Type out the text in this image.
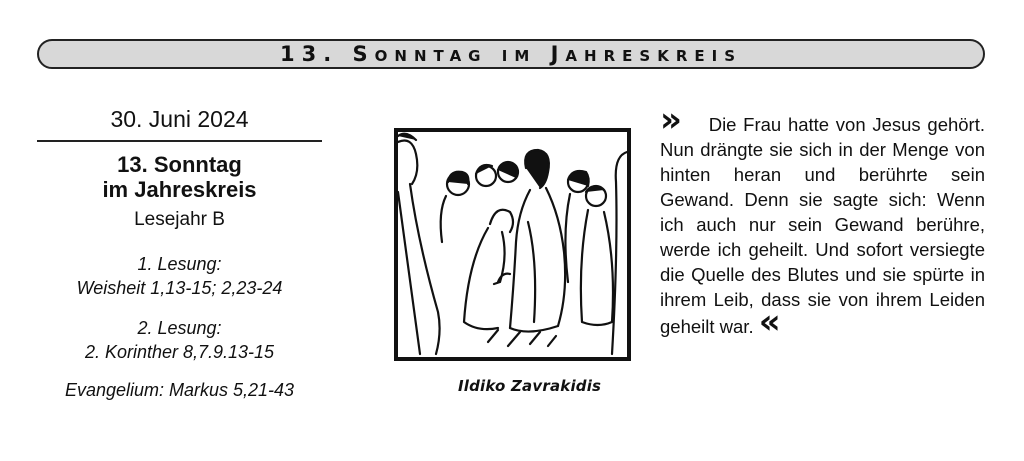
13. Sonntag im Jahreskreis
30. Juni 2024
13. Sonntag
im Jahreskreis
Lesejahr B
1. Lesung:
Weisheit 1,13-15; 2,23-24
2. Lesung:
2. Korinther 8,7.9.13-15
Evangelium: Markus 5,21-43	Ildiko Zavrakidis
» Die Frau hatte von Jesus gehört. Nun drängte sie sich in der Menge von hinten heran und berührte sein Gewand. Denn sie sagte sich: Wenn ich auch nur sein Gewand berühre, werde ich geheilt. Und sofort versiegte die Quelle des Blutes und sie spürte in ihrem Leib, dass sie von ihrem Leiden geheilt war. «
